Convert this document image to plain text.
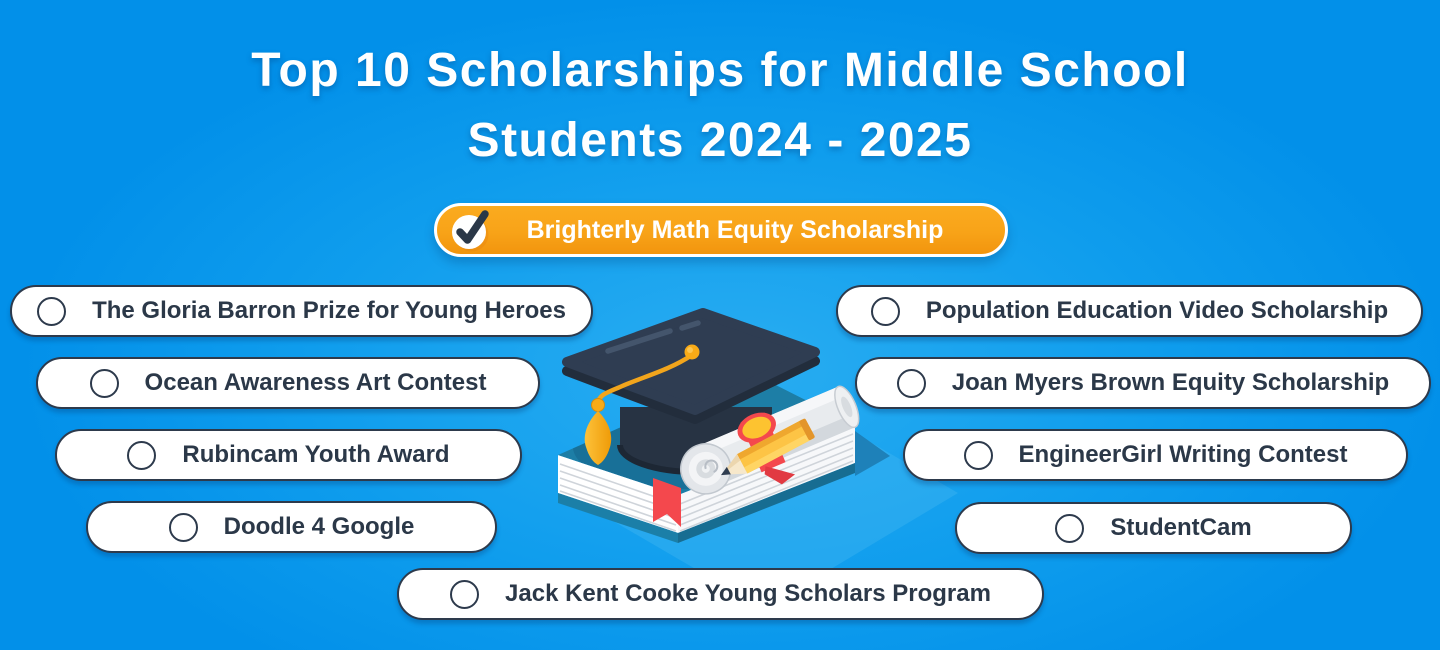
Top 10 Scholarships for Middle School
Students 2024 - 2025
Brighterly Math Equity Scholarship
The Gloria Barron Prize for Young Heroes
Ocean Awareness Art Contest
Rubincam Youth Award
Doodle 4 Google
Population Education Video Scholarship
Joan Myers Brown Equity Scholarship
EngineerGirl Writing Contest
StudentCam
Jack Kent Cooke Young Scholars Program
